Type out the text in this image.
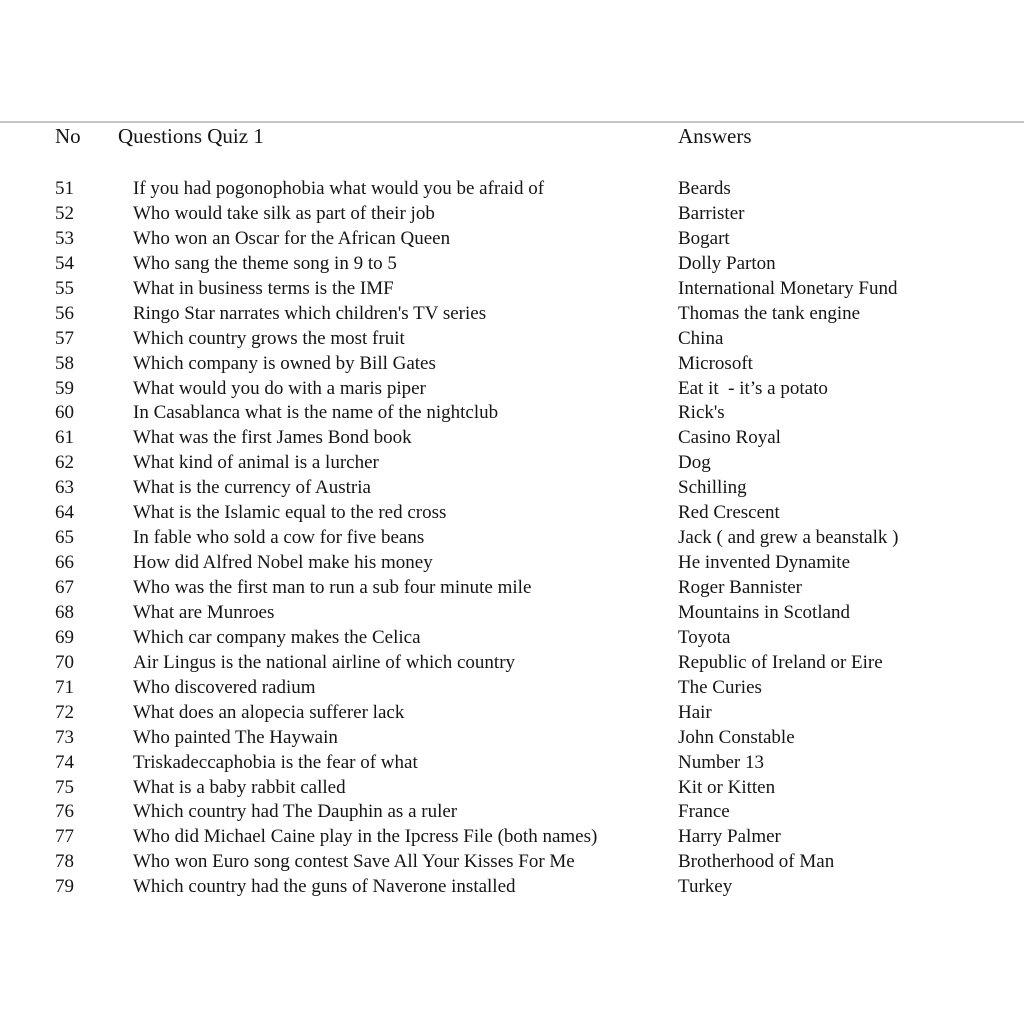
No Questions Quiz 1	Answers
51	If you had pogonophobia what would you be afraid of	Beards
52	Who would take silk as part of their job	Barrister
53	Who won an Oscar for the African Queen	Bogart
54	Who sang the theme song in 9 to 5	Dolly Parton
55	What in business terms is the IMF	International Monetary Fund
56	Ringo Star narrates which children's TV series	Thomas the tank engine
57	Which country grows the most fruit	China
58	Which company is owned by Bill Gates	Microsoft
59	What would you do with a maris piper	Eat it  - it’s a potato
60	In Casablanca what is the name of the nightclub	Rick's
61	What was the first James Bond book	Casino Royal
62	What kind of animal is a lurcher	Dog
63	What is the currency of Austria	Schilling
64	What is the Islamic equal to the red cross	Red Crescent
65	In fable who sold a cow for five beans	Jack ( and grew a beanstalk )
66	How did Alfred Nobel make his money	He invented Dynamite
67	Who was the first man to run a sub four minute mile	Roger Bannister
68	What are Munroes	Mountains in Scotland
69	Which car company makes the Celica	Toyota
70	Air Lingus is the national airline of which country	Republic of Ireland or Eire
71	Who discovered radium	The Curies
72	What does an alopecia sufferer lack	Hair
73	Who painted The Haywain	John Constable
74	Triskadeccaphobia is the fear of what	Number 13
75	What is a baby rabbit called	Kit or Kitten
76	Which country had The Dauphin as a ruler	France
77	Who did Michael Caine play in the Ipcress File (both names)	Harry Palmer
78	Who won Euro song contest Save All Your Kisses For Me	Brotherhood of Man
79	Which country had the guns of Naverone installed	Turkey
